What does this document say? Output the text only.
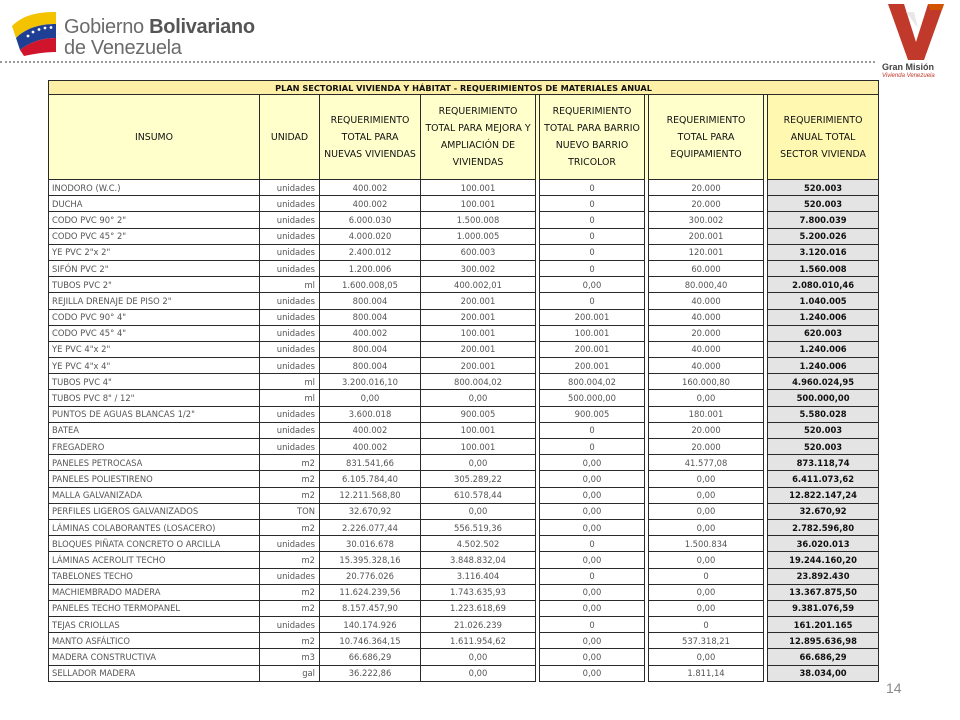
Gobierno Bolivariano
de Venezuela
Gran Misión
Vivienda Venezuela
PLAN SECTORIAL VIVIENDA Y HÁBITAT - REQUERIMIENTOS DE MATERIALES ANUAL									
INSUMO	UNIDAD	REQUERIMIENTO TOTAL PARA NUEVAS VIVIENDAS	REQUERIMIENTO TOTAL PARA MEJORA Y AMPLIACIÓN DE VIVIENDAS		REQUERIMIENTO TOTAL PARA BARRIO NUEVO BARRIO TRICOLOR		REQUERIMIENTO TOTAL PARA EQUIPAMIENTO		REQUERIMIENTO ANUAL TOTAL SECTOR VIVIENDA
INODORO (W.C.)	unidades	400.002	100.001		0		20.000		520.003
DUCHA	unidades	400.002	100.001		0		20.000		520.003
CODO PVC 90° 2"	unidades	6.000.030	1.500.008		0		300.002		7.800.039
CODO PVC 45° 2"	unidades	4.000.020	1.000.005		0		200.001		5.200.026
YE PVC 2"x 2"	unidades	2.400.012	600.003		0		120.001		3.120.016
SIFÓN PVC 2"	unidades	1.200.006	300.002		0		60.000		1.560.008
TUBOS PVC 2"	ml	1.600.008,05	400.002,01		0,00		80.000,40		2.080.010,46
REJILLA DRENAJE DE PISO 2"	unidades	800.004	200.001		0		40.000		1.040.005
CODO PVC 90° 4"	unidades	800.004	200.001		200.001		40.000		1.240.006
CODO PVC 45° 4"	unidades	400.002	100.001		100.001		20.000		620.003
YE PVC 4"x 2"	unidades	800.004	200.001		200.001		40.000		1.240.006
YE PVC 4"x 4"	unidades	800.004	200.001		200.001		40.000		1.240.006
TUBOS PVC 4"	ml	3.200.016,10	800.004,02		800.004,02		160.000,80		4.960.024,95
TUBOS PVC 8" / 12"	ml	0,00	0,00		500.000,00		0,00		500.000,00
PUNTOS DE AGUAS BLANCAS 1/2"	unidades	3.600.018	900.005		900.005		180.001		5.580.028
BATEA	unidades	400.002	100.001		0		20.000		520.003
FREGADERO	unidades	400.002	100.001		0		20.000		520.003
PANELES PETROCASA	m2	831.541,66	0,00		0,00		41.577,08		873.118,74
PANELES POLIESTIRENO	m2	6.105.784,40	305.289,22		0,00		0,00		6.411.073,62
MALLA GALVANIZADA	m2	12.211.568,80	610.578,44		0,00		0,00		12.822.147,24
PERFILES LIGEROS GALVANIZADOS	TON	32.670,92	0,00		0,00		0,00		32.670,92
LÁMINAS COLABORANTES (LOSACERO)	m2	2.226.077,44	556.519,36		0,00		0,00		2.782.596,80
BLOQUES PIÑATA CONCRETO O ARCILLA	unidades	30.016.678	4.502.502		0		1.500.834		36.020.013
LÁMINAS ACEROLIT TECHO	m2	15.395.328,16	3.848.832,04		0,00		0,00		19.244.160,20
TABELONES TECHO	unidades	20.776.026	3.116.404		0		0		23.892.430
MACHIEMBRADO MADERA	m2	11.624.239,56	1.743.635,93		0,00		0,00		13.367.875,50
PANELES TECHO TERMOPANEL	m2	8.157.457,90	1.223.618,69		0,00		0,00		9.381.076,59
TEJAS CRIOLLAS	unidades	140.174.926	21.026.239		0		0		161.201.165
MANTO ASFÁLTICO	m2	10.746.364,15	1.611.954,62		0,00		537.318,21		12.895.636,98
MADERA CONSTRUCTIVA	m3	66.686,29	0,00		0,00		0,00		66.686,29
SELLADOR MADERA	gal	36.222,86	0,00		0,00		1.811,14		38.034,00
14
